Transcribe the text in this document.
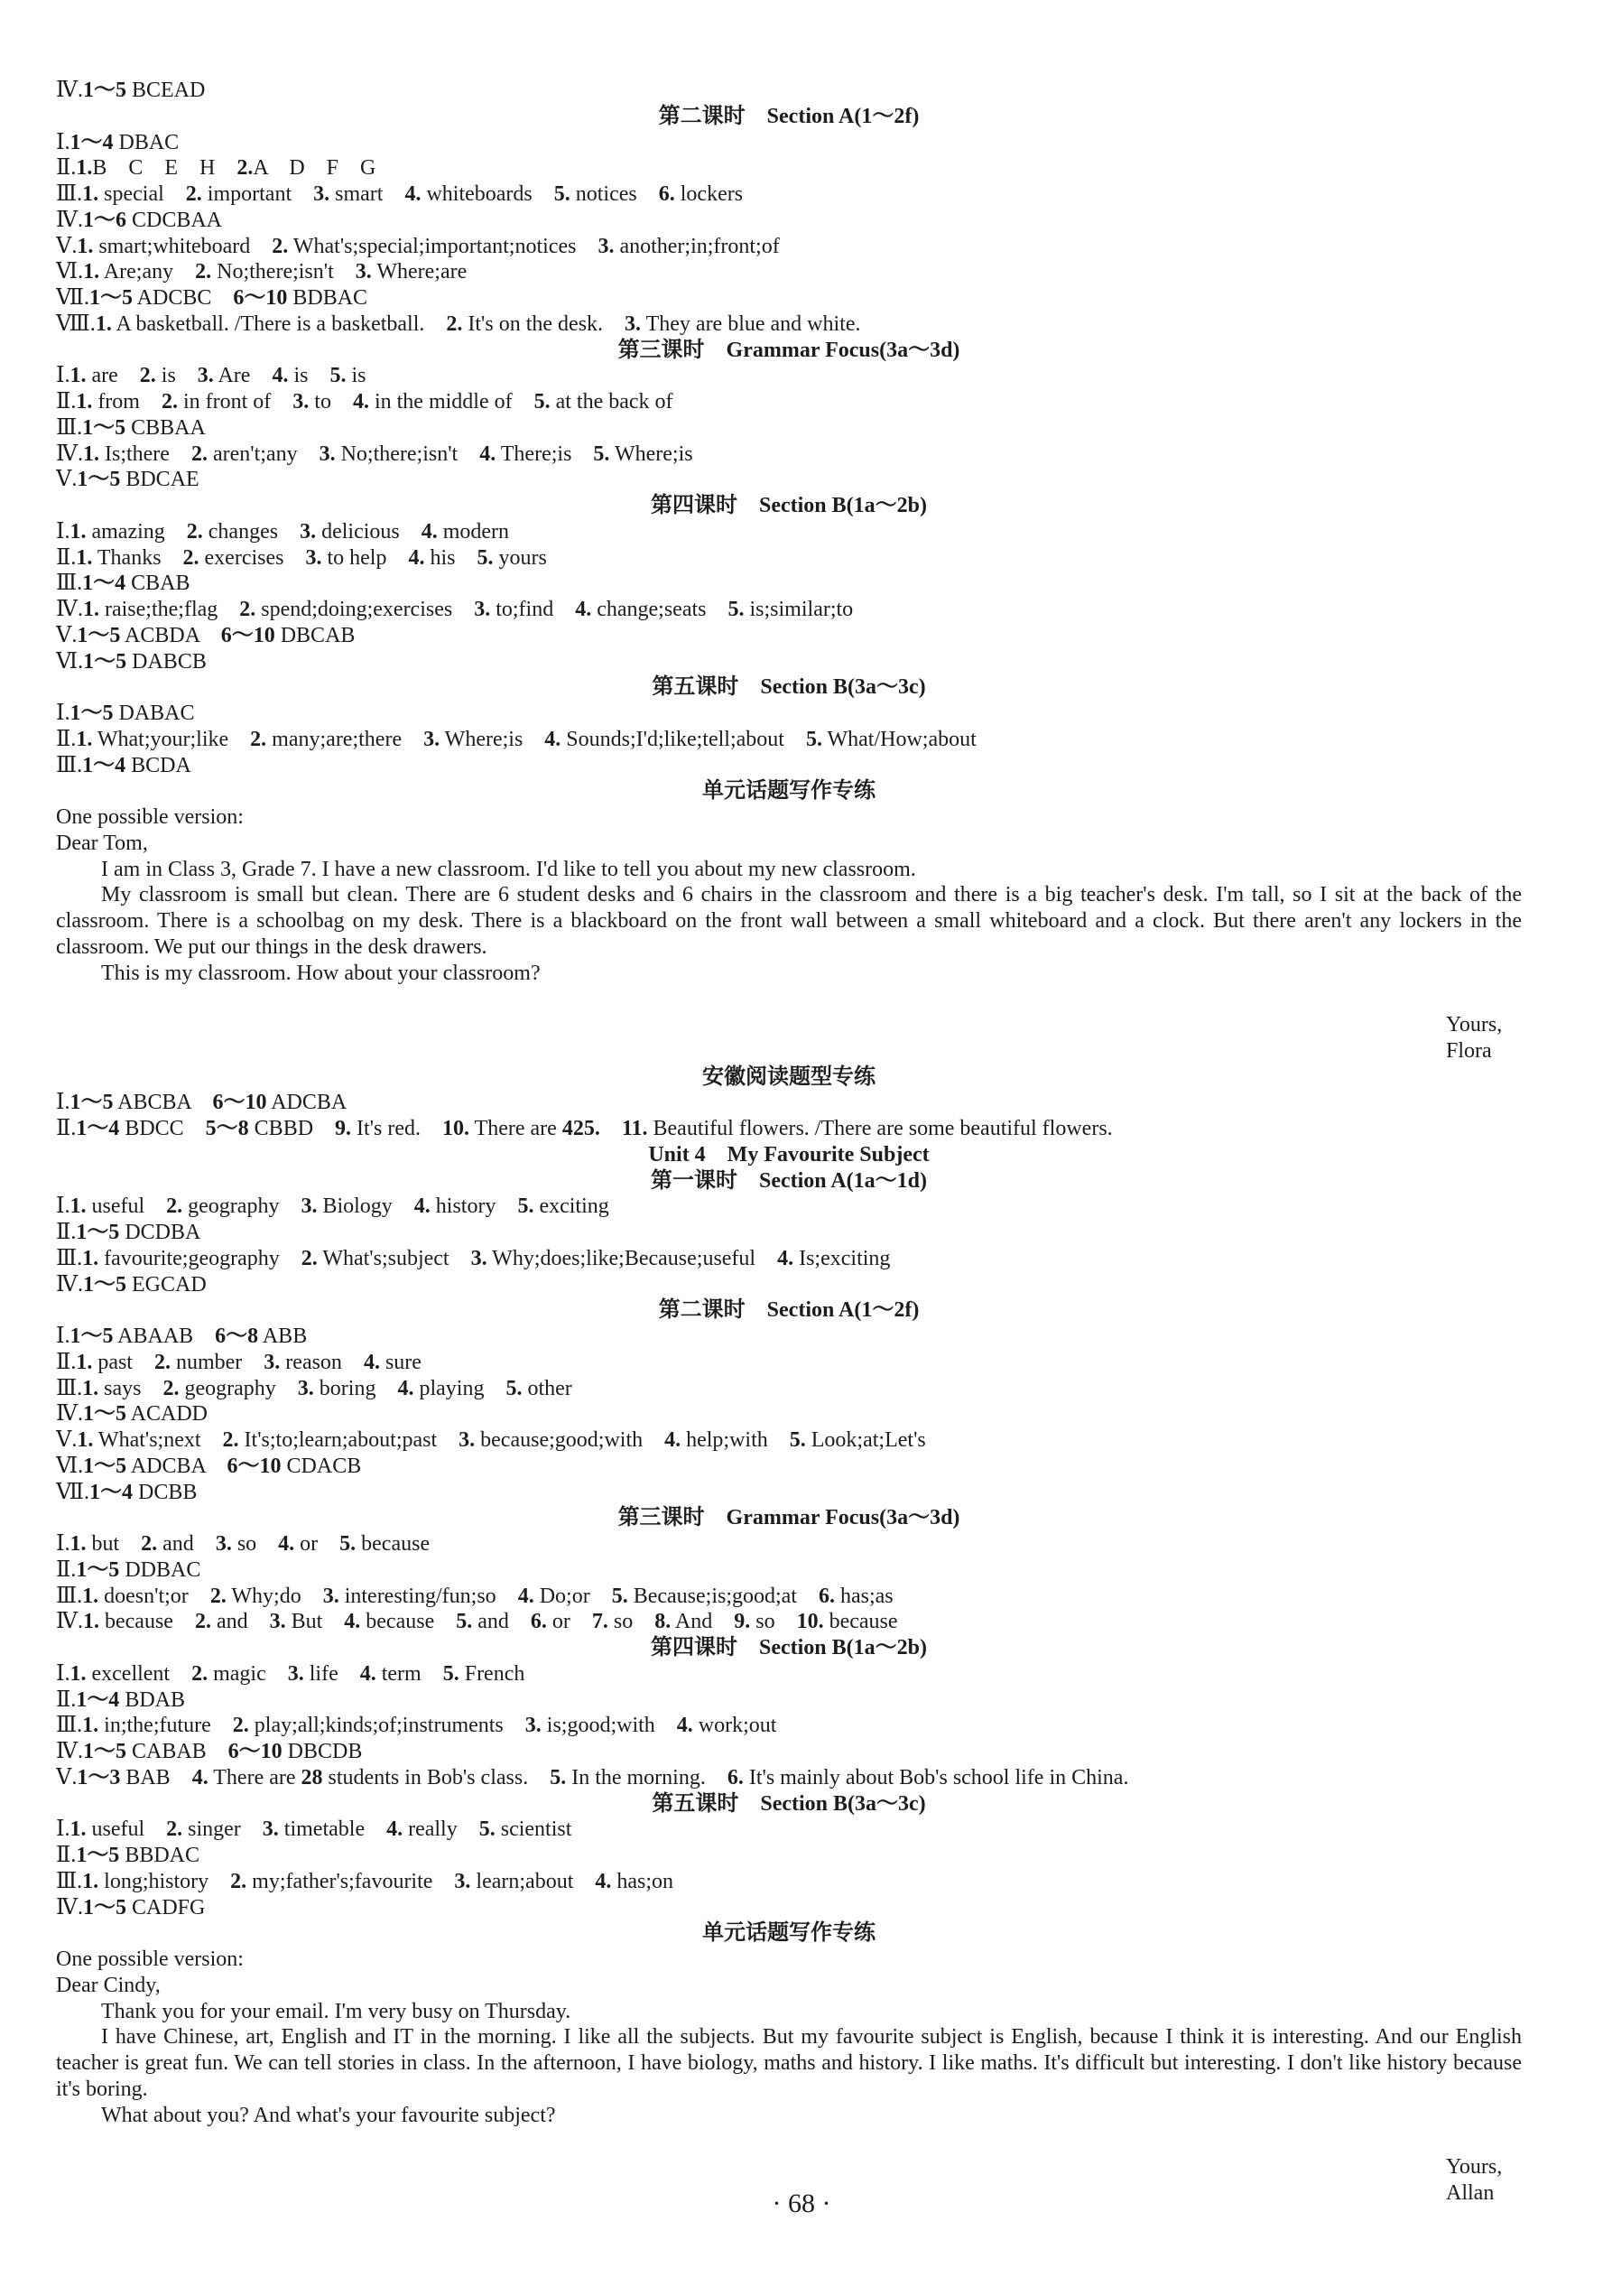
Ⅳ.1～5 BCEAD
第二课时　Section A(1～2f)
Ⅰ.1～4 DBAC
Ⅱ.1.B　C　E　H　2.A　D　F　G
Ⅲ.1. special　2. important　3. smart　4. whiteboards　5. notices　6. lockers
Ⅳ.1～6 CDCBAA
Ⅴ.1. smart;whiteboard　2. What's;special;important;notices　3. another;in;front;of
Ⅵ.1. Are;any　2. No;there;isn't　3. Where;are
Ⅶ.1～5 ADCBC　6～10 BDBAC
Ⅷ.1. A basketball. /There is a basketball.　2. It's on the desk.　3. They are blue and white.
第三课时　Grammar Focus(3a～3d)
Ⅰ.1. are　2. is　3. Are　4. is　5. is
Ⅱ.1. from　2. in front of　3. to　4. in the middle of　5. at the back of
Ⅲ.1～5 CBBAA
Ⅳ.1. Is;there　2. aren't;any　3. No;there;isn't　4. There;is　5. Where;is
Ⅴ.1～5 BDCAE
第四课时　Section B(1a～2b)
Ⅰ.1. amazing　2. changes　3. delicious　4. modern
Ⅱ.1. Thanks　2. exercises　3. to help　4. his　5. yours
Ⅲ.1～4 CBAB
Ⅳ.1. raise;the;flag　2. spend;doing;exercises　3. to;find　4. change;seats　5. is;similar;to
Ⅴ.1～5 ACBDA　6～10 DBCAB
Ⅵ.1～5 DABCB
第五课时　Section B(3a～3c)
Ⅰ.1～5 DABAC
Ⅱ.1. What;your;like　2. many;are;there　3. Where;is　4. Sounds;I'd;like;tell;about　5. What/How;about
Ⅲ.1～4 BCDA
单元话题写作专练
One possible version:
Dear Tom,
I am in Class 3, Grade 7. I have a new classroom. I'd like to tell you about my new classroom.
My classroom is small but clean. There are 6 student desks and 6 chairs in the classroom and there is a big teacher's desk. I'm tall, so I sit at the back of the classroom. There is a schoolbag on my desk. There is a blackboard on the front wall between a small whiteboard and a clock. But there aren't any lockers in the classroom. We put our things in the desk drawers.
This is my classroom. How about your classroom?
Yours,
Flora
安徽阅读题型专练
Ⅰ.1～5 ABCBA　6～10 ADCBA
Ⅱ.1～4 BDCC　5～8 CBBD　9. It's red.　10. There are 425.　 11. Beautiful flowers. /There are some beautiful flowers.
Unit 4　My Favourite Subject
第一课时　Section A(1a～1d)
Ⅰ.1. useful　2. geography　3. Biology　4. history　5. exciting
Ⅱ.1～5 DCDBA
Ⅲ.1. favourite;geography　2. What's;subject　3. Why;does;like;Because;useful　4. Is;exciting
Ⅳ.1～5 EGCAD
第二课时　Section A(1～2f)
Ⅰ.1～5 ABAAB　6～8 ABB
Ⅱ.1. past　2. number　3. reason　4. sure
Ⅲ.1. says　2. geography　3. boring　4. playing　5. other
Ⅳ.1～5 ACADD
Ⅴ.1. What's;next　2. It's;to;learn;about;past　3. because;good;with　4. help;with　5. Look;at;Let's
Ⅵ.1～5 ADCBA　6～10 CDACB
Ⅶ.1～4 DCBB
第三课时　Grammar Focus(3a～3d)
Ⅰ.1. but　2. and　3. so　4. or　5. because
Ⅱ.1～5 DDBAC
Ⅲ.1. doesn't;or　2. Why;do　3. interesting/fun;so　4. Do;or　5. Because;is;good;at　6. has;as
Ⅳ.1. because　2. and　3. But　4. because　5. and　6. or　7. so　8. And　9. so　10. because
第四课时　Section B(1a～2b)
Ⅰ.1. excellent　2. magic　3. life　4. term　5. French
Ⅱ.1～4 BDAB
Ⅲ.1. in;the;future　2. play;all;kinds;of;instruments　3. is;good;with　4. work;out
Ⅳ.1～5 CABAB　6～10 DBCDB
Ⅴ.1～3 BAB　4. There are 28 students in Bob's class.　5. In the morning.　6. It's mainly about Bob's school life in China.
第五课时　Section B(3a～3c)
Ⅰ.1. useful　2. singer　3. timetable　4. really　5. scientist
Ⅱ.1～5 BBDAC
Ⅲ.1. long;history　2. my;father's;favourite　3. learn;about　4. has;on
Ⅳ.1～5 CADFG
单元话题写作专练
One possible version:
Dear Cindy,
Thank you for your email. I'm very busy on Thursday.
I have Chinese, art, English and IT in the morning. I like all the subjects. But my favourite subject is English, because I think it is interesting. And our English teacher is great fun. We can tell stories in class. In the afternoon, I have biology, maths and history. I like maths. It's difficult but interesting. I don't like history because it's boring.
What about you? And what's your favourite subject?
Yours,
Allan
· 68 ·
